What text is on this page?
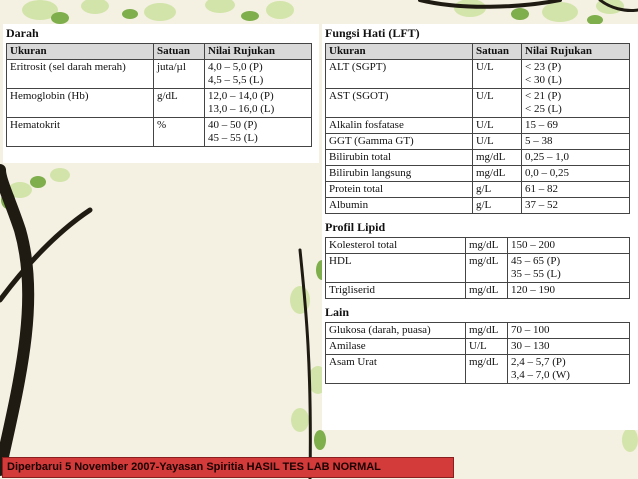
Darah
Ukuran	Satuan	Nilai Rujukan
Eritrosit (sel darah merah)	juta/µl	4,0 – 5,0 (P)
4,5 – 5,5 (L)

Hemoglobin (Hb)	g/dL	12,0 – 14,0 (P)
13,0 – 16,0 (L)

Hematokrit	%	40 – 50 (P)
45 – 55 (L)
Fungsi Hati (LFT)
Ukuran	Satuan	Nilai Rujukan
ALT (SGPT)	U/L	< 23 (P)
< 30 (L)

AST (SGOT)	U/L	< 21 (P)
< 25 (L)

Alkalin fosfatase	U/L	15 – 69

GGT (Gamma GT)	U/L	5 – 38

Bilirubin total	mg/dL	0,25 – 1,0

Bilirubin langsung	mg/dL	0,0 – 0,25

Protein total	g/L	61 – 82

Albumin	g/L	37 – 52
Profil Lipid
Kolesterol total	mg/dL	150 – 200

HDL	mg/dL	45 – 65 (P)
35 – 55 (L)

Trigliserid	mg/dL	120 – 190
Lain
Glukosa (darah, puasa)	mg/dL	70 – 100

Amilase	U/L	30 – 130

Asam Urat	mg/dL	2,4 – 5,7 (P)
3,4 – 7,0 (W)
Diperbarui 5 November 2007-Yayasan Spiritia HASIL TES LAB NORMAL
